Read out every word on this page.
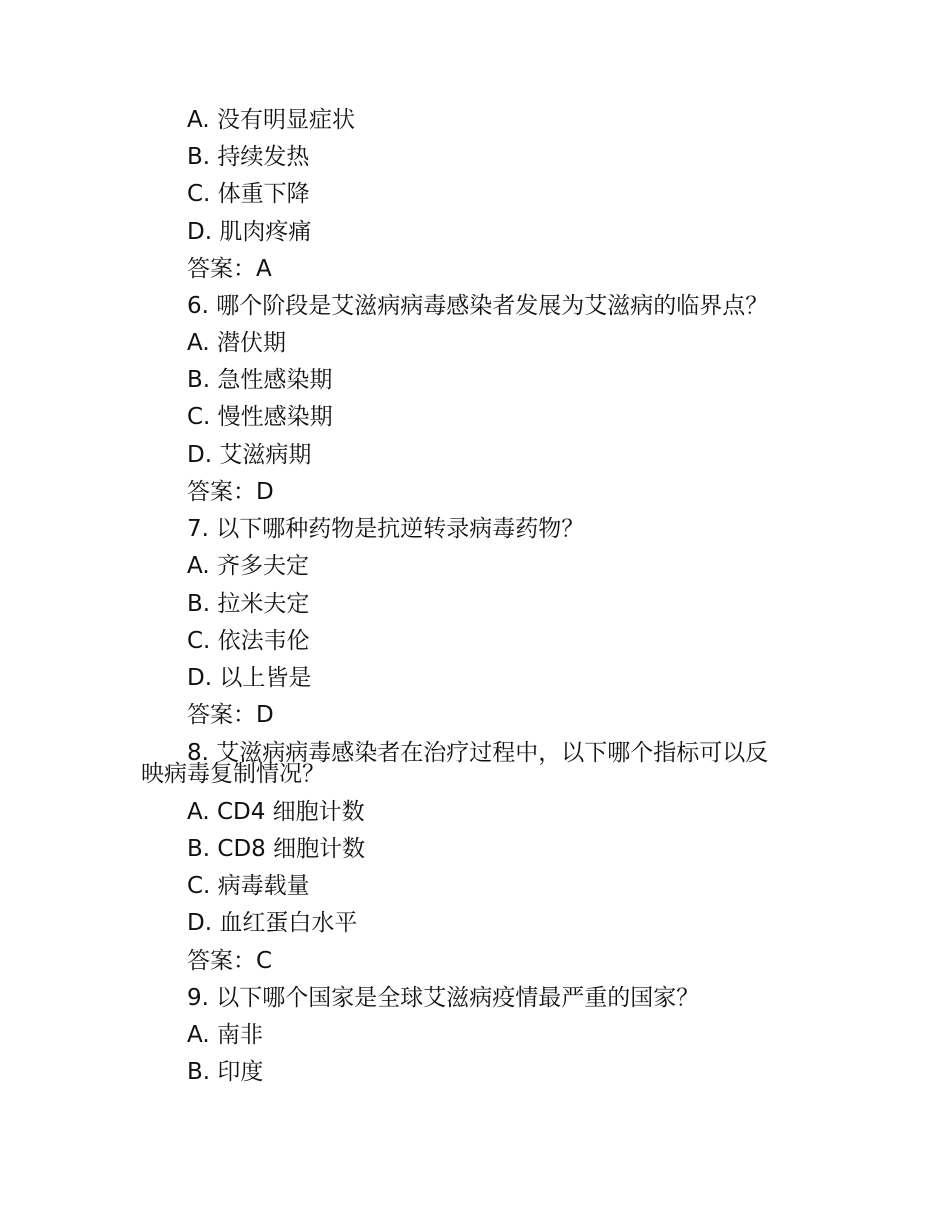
A. 没有明显症状
B. 持续发热
C. 体重下降
D. 肌肉疼痛
答案：A
6. 哪个阶段是艾滋病病毒感染者发展为艾滋病的临界点？
A. 潜伏期
B. 急性感染期
C. 慢性感染期
D. 艾滋病期
答案：D
7. 以下哪种药物是抗逆转录病毒药物？
A. 齐多夫定
B. 拉米夫定
C. 依法韦伦
D. 以上皆是
答案：D
8. 艾滋病病毒感染者在治疗过程中，以下哪个指标可以反
映病毒复制情况？
A. CD4 细胞计数
B. CD8 细胞计数
C. 病毒载量
D. 血红蛋白水平
答案：C
9. 以下哪个国家是全球艾滋病疫情最严重的国家？
A. 南非
B. 印度
